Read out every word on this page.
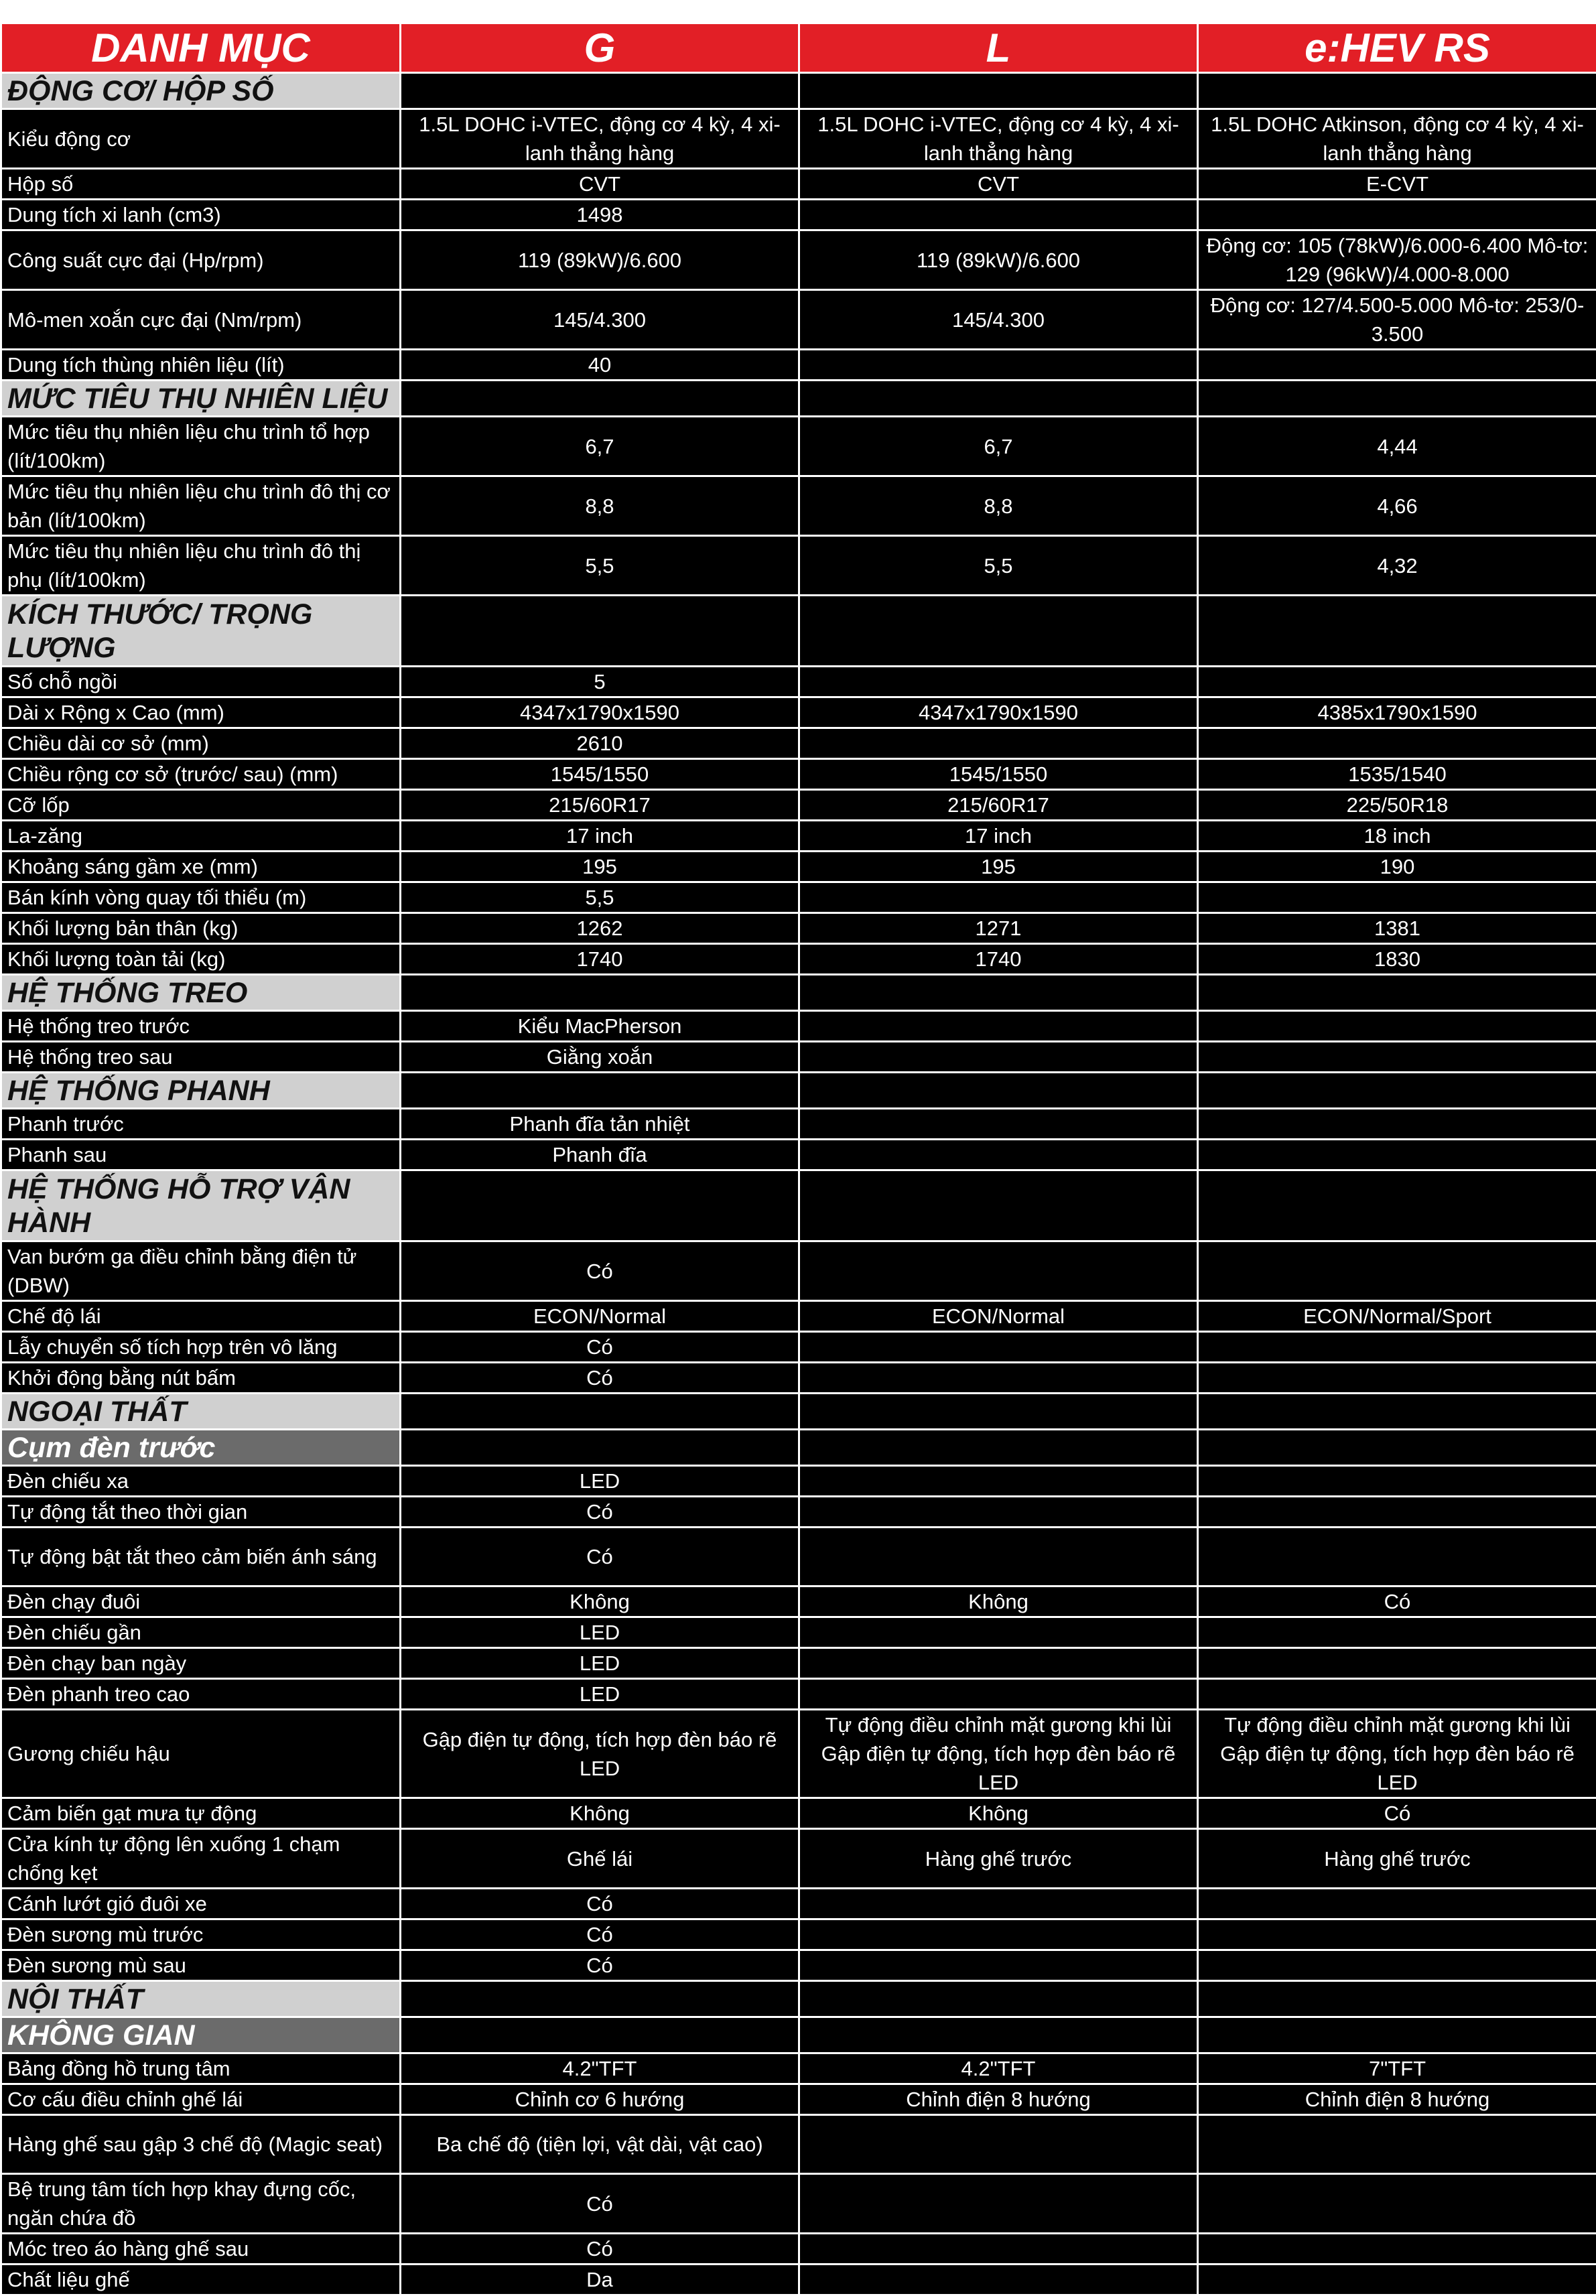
DANH MỤC	G	L	e:HEV RS
ĐỘNG CƠ/ HỘP SỐ			
Kiểu động cơ	1.5L DOHC i-VTEC, động cơ 4 kỳ, 4 xi-lanh thẳng hàng	1.5L DOHC i-VTEC, động cơ 4 kỳ, 4 xi-lanh thẳng hàng	1.5L DOHC Atkinson, động cơ 4 kỳ, 4 xi-lanh thẳng hàng
Hộp số	CVT	CVT	E-CVT
Dung tích xi lanh (cm3)	1498		
Công suất cực đại (Hp/rpm)	119 (89kW)/6.600	119 (89kW)/6.600	Động cơ: 105 (78kW)/6.000-6.400 Mô-tơ: 129 (96kW)/4.000-8.000
Mô-men xoắn cực đại (Nm/rpm)	145/4.300	145/4.300	Động cơ: 127/4.500-5.000 Mô-tơ: 253/0-3.500
Dung tích thùng nhiên liệu (lít)	40		
MỨC TIÊU THỤ NHIÊN LIỆU			
Mức tiêu thụ nhiên liệu chu trình tổ hợp (lít/100km)	6,7	6,7	4,44
Mức tiêu thụ nhiên liệu chu trình đô thị cơ bản (lít/100km)	8,8	8,8	4,66
Mức tiêu thụ nhiên liệu chu trình đô thị phụ (lít/100km)	5,5	5,5	4,32
KÍCH THƯỚC/ TRỌNG LƯỢNG			
Số chỗ ngồi	5		
Dài x Rộng x Cao (mm)	4347x1790x1590	4347x1790x1590	4385x1790x1590
Chiều dài cơ sở (mm)	2610		
Chiều rộng cơ sở (trước/ sau) (mm)	1545/1550	1545/1550	1535/1540
Cỡ lốp	215/60R17	215/60R17	225/50R18
La-zăng	17 inch	17 inch	18 inch
Khoảng sáng gầm xe (mm)	195	195	190
Bán kính vòng quay tối thiểu (m)	5,5		
Khối lượng bản thân (kg)	1262	1271	1381
Khối lượng toàn tải (kg)	1740	1740	1830
HỆ THỐNG TREO			
Hệ thống treo trước	Kiểu MacPherson		
Hệ thống treo sau	Giằng xoắn		
HỆ THỐNG PHANH			
Phanh trước	Phanh đĩa tản nhiệt		
Phanh sau	Phanh đĩa		
HỆ THỐNG HỖ TRỢ VẬN HÀNH			
Van bướm ga điều chỉnh bằng điện tử (DBW)	Có		
Chế độ lái	ECON/Normal	ECON/Normal	ECON/Normal/Sport
Lẫy chuyển số tích hợp trên vô lăng	Có		
Khởi động bằng nút bấm	Có		
NGOẠI THẤT			
Cụm đèn trước			
Đèn chiếu xa	LED		
Tự động tắt theo thời gian	Có		
Tự động bật tắt theo cảm biến ánh sáng	Có		
Đèn chạy đuôi	Không	Không	Có
Đèn chiếu gần	LED		
Đèn chạy ban ngày	LED		
Đèn phanh treo cao	LED		
Gương chiếu hậu	Gập điện tự động, tích hợp đèn báo rẽ LED	Tự động điều chỉnh mặt gương khi lùi Gập điện tự động, tích hợp đèn báo rẽ LED	Tự động điều chỉnh mặt gương khi lùi Gập điện tự động, tích hợp đèn báo rẽ LED
Cảm biến gạt mưa tự động	Không	Không	Có
Cửa kính tự động lên xuống 1 chạm chống kẹt	Ghế lái	Hàng ghế trước	Hàng ghế trước
Cánh lướt gió đuôi xe	Có		
Đèn sương mù trước	Có		
Đèn sương mù sau	Có		
NỘI THẤT			
KHÔNG GIAN			
Bảng đồng hồ trung tâm	4.2"TFT	4.2"TFT	7"TFT
Cơ cấu điều chỉnh ghế lái	Chỉnh cơ 6 hướng	Chỉnh điện 8 hướng	Chỉnh điện 8 hướng
Hàng ghế sau gập 3 chế độ (Magic seat)	Ba chế độ (tiện lợi, vật dài, vật cao)		
Bệ trung tâm tích hợp khay đựng cốc, ngăn chứa đồ	Có		
Móc treo áo hàng ghế sau	Có		
Chất liệu ghế	Da		
